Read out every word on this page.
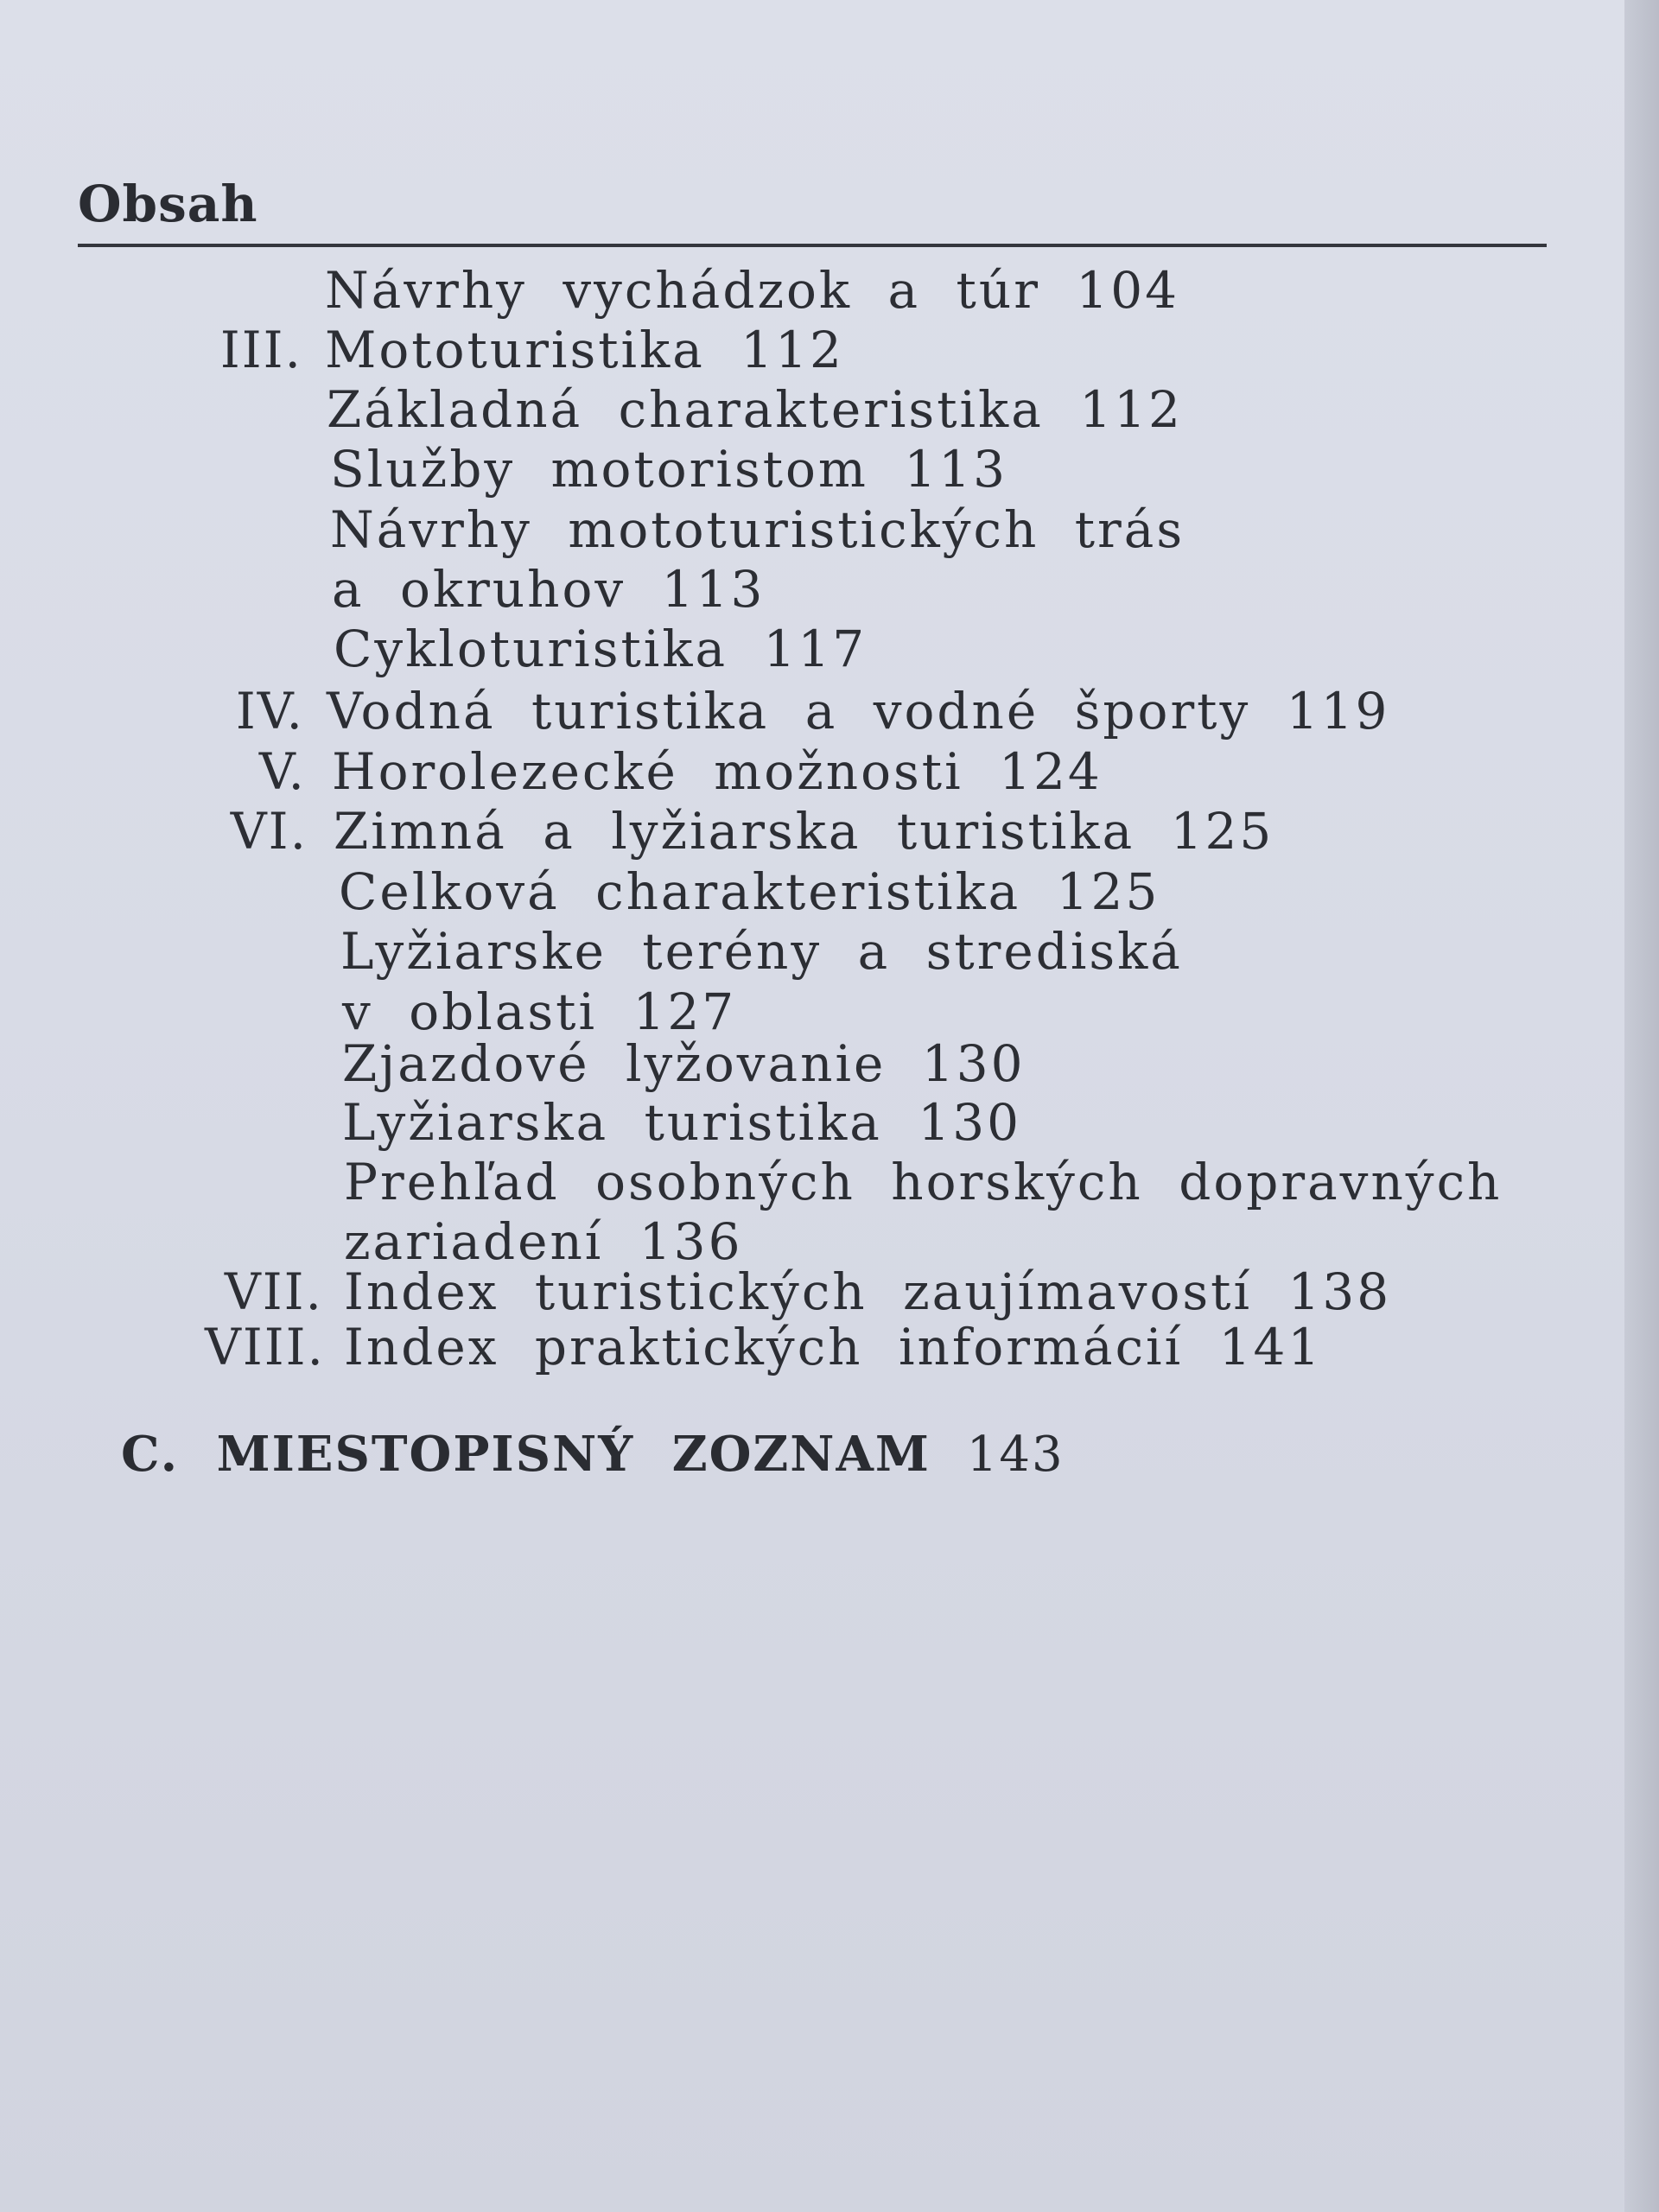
Obsah
Návrhy vychádzok a túr 104
III. Mototuristika 112
Základná charakteristika 112
Služby motoristom 113
Návrhy mototuristických trás
a okruhov 113
Cykloturistika 117
IV. Vodná turistika a vodné športy 119
V. Horolezecké možnosti 124
VI. Zimná a lyžiarska turistika 125
Celková charakteristika 125
Lyžiarske terény a strediská
v oblasti 127
Zjazdové lyžovanie 130
Lyžiarska turistika 130
Prehľad osobných horských dopravných
zariadení 136
VII. Index turistických zaujímavostí 138
VIII. Index praktických informácií 141
C. MIESTOPISNÝ ZOZNAM 143
